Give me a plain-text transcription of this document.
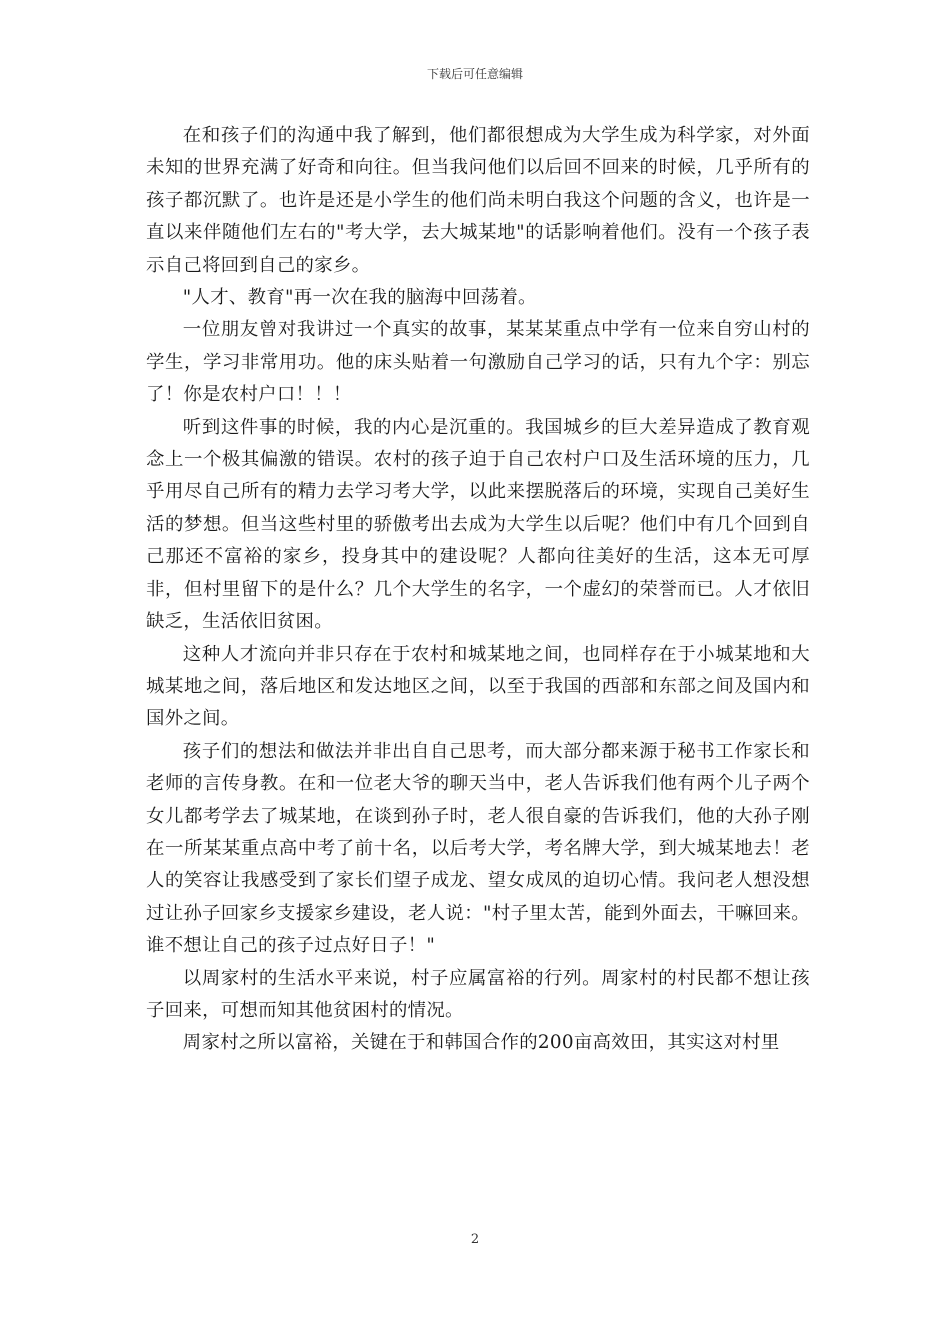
下载后可任意编辑

在和孩子们的沟通中我了解到，他们都很想成为大学生成为科学家，对外面未知的世界充满了好奇和向往。但当我问他们以后回不回来的时候，几乎所有的孩子都沉默了。也许是还是小学生的他们尚未明白我这个问题的含义，也许是一直以来伴随他们左右的"考大学，去大城某地"的话影响着他们。没有一个孩子表示自己将回到自己的家乡。

"人才、教育"再一次在我的脑海中回荡着。

一位朋友曾对我讲过一个真实的故事，某某某重点中学有一位来自穷山村的学生，学习非常用功。他的床头贴着一句激励自己学习的话，只有九个字：别忘了！你是农村户口！！！

听到这件事的时候，我的内心是沉重的。我国城乡的巨大差异造成了教育观念上一个极其偏激的错误。农村的孩子迫于自己农村户口及生活环境的压力，几乎用尽自己所有的精力去学习考大学，以此来摆脱落后的环境，实现自己美好生活的梦想。但当这些村里的骄傲考出去成为大学生以后呢？他们中有几个回到自己那还不富裕的家乡，投身其中的建设呢？人都向往美好的生活，这本无可厚非，但村里留下的是什么？几个大学生的名字，一个虚幻的荣誉而已。人才依旧缺乏，生活依旧贫困。

这种人才流向并非只存在于农村和城某地之间，也同样存在于小城某地和大城某地之间，落后地区和发达地区之间，以至于我国的西部和东部之间及国内和国外之间。

孩子们的想法和做法并非出自自己思考，而大部分都来源于秘书工作家长和老师的言传身教。在和一位老大爷的聊天当中，老人告诉我们他有两个儿子两个女儿都考学去了城某地，在谈到孙子时，老人很自豪的告诉我们，他的大孙子刚在一所某某重点高中考了前十名，以后考大学，考名牌大学，到大城某地去！老人的笑容让我感受到了家长们望子成龙、望女成凤的迫切心情。我问老人想没想过让孙子回家乡支援家乡建设，老人说："村子里太苦，能到外面去，干嘛回来。谁不想让自己的孩子过点好日子！"

以周家村的生活水平来说，村子应属富裕的行列。周家村的村民都不想让孩子回来，可想而知其他贫困村的情况。

周家村之所以富裕，关键在于和韩国合作的200亩高效田，其实这对村里

2
